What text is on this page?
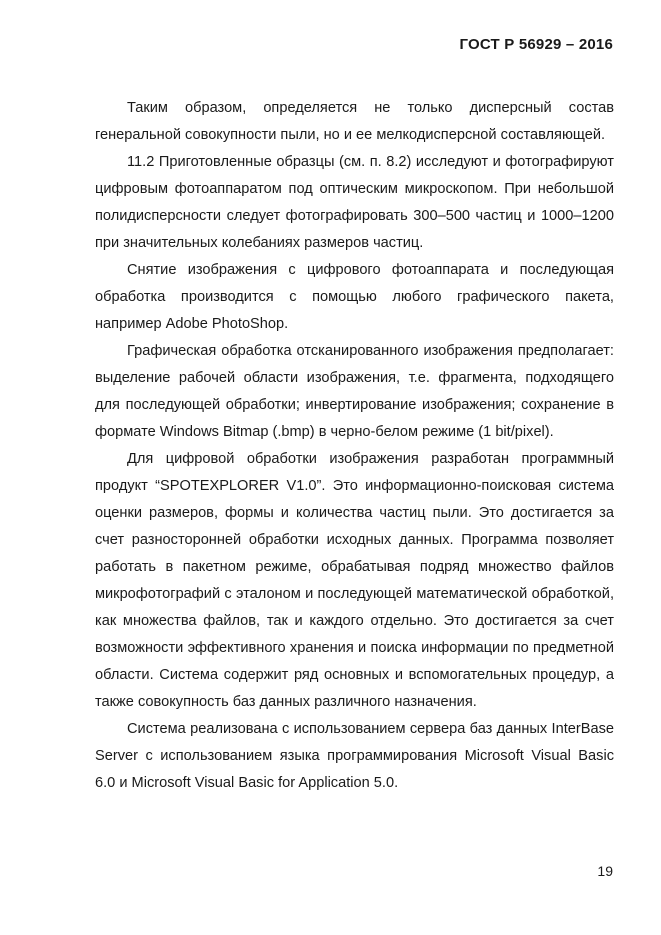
ГОСТ Р 56929 – 2016

Таким образом, определяется не только дисперсный состав генеральной совокупности пыли, но и ее мелкодисперсной составляющей.

11.2 Приготовленные образцы (см. п. 8.2) исследуют и фотографируют цифровым фотоаппаратом под оптическим микроскопом. При небольшой полидисперсности следует фотографировать 300–500 частиц и 1000–1200 при значительных колебаниях размеров частиц.

Снятие изображения с цифрового фотоаппарата и последующая обработка производится с помощью любого графического пакета, например Adobe PhotoShop.

Графическая обработка отсканированного изображения предполагает: выделение рабочей области изображения, т.е. фрагмента, подходящего для последующей обработки; инвертирование изображения; сохранение в формате Windows Bitmap (.bmp) в черно-белом режиме (1 bit/pixel).

Для цифровой обработки изображения разработан программный продукт “SPOTEXPLORER V1.0”. Это информационно-поисковая система оценки размеров, формы и количества частиц пыли. Это достигается за счет разносторонней обработки исходных данных. Программа позволяет работать в пакетном режиме, обрабатывая подряд множество файлов микрофотографий с эталоном и последующей математической обработкой, как множества файлов, так и каждого отдельно. Это достигается за счет возможности эффективного хранения и поиска информации по предметной области. Система содержит ряд основных и вспомогательных процедур, а также совокупность баз данных различного назначения.

Система реализована с использованием сервера баз данных InterBase Server с использованием языка программирования Microsoft Visual Basic 6.0 и Microsoft Visual Basic for Application 5.0.

19
